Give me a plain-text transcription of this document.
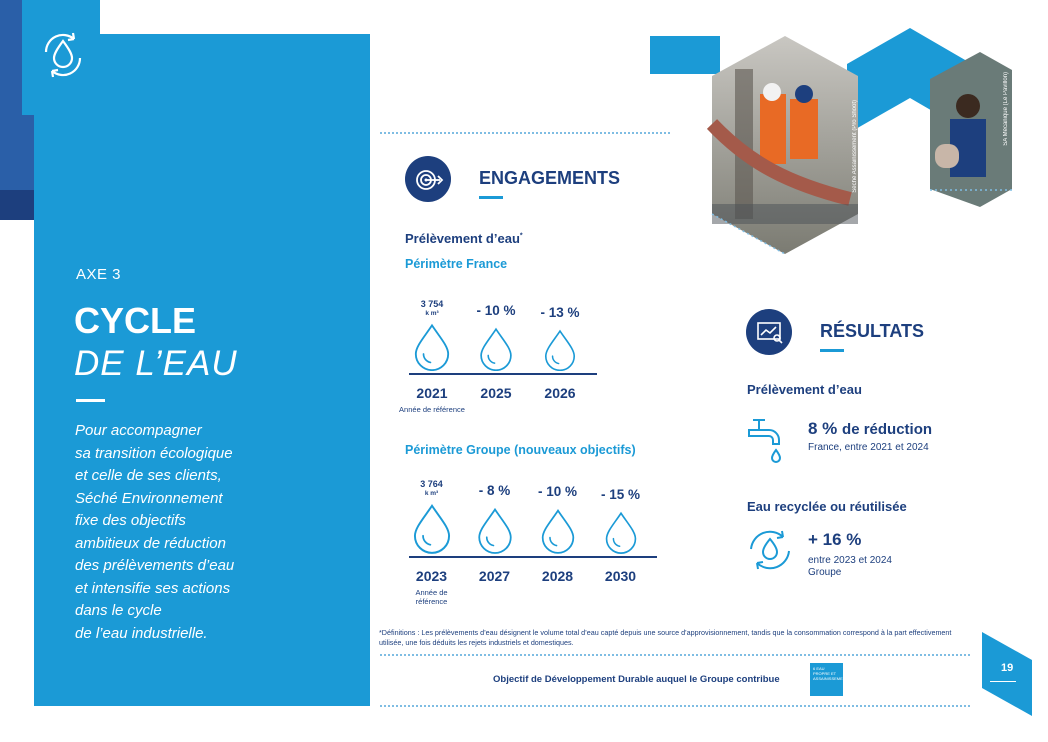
AXE 3
CYCLE
DE L’EAU
Pour accompagner
sa transition écologique
et celle de ses clients,
Séché Environnement
fixe des objectifs
ambitieux de réduction
des prélèvements d’eau
et intensifie ses actions
dans le cycle
de l’eau industrielle.
Séché Assainissement (Pro Shoot)	SA Mécanique (Le Pavillon)
ENGAGEMENTS
Prélèvement d’eau*
Périmètre France
3 754
k m³
2021
Année de référence
- 10 %
2025
- 13 %
2026
Périmètre Groupe (nouveaux objectifs)
3 764
k m³
2023
Année de référence
- 8 %
2027
- 10 %
2028
- 15 %
2030
RÉSULTATS
Prélèvement d’eau
8 % de réduction
France, entre 2021 et 2024
Eau recyclée ou réutilisée
+ 16 %
entre 2023 et 2024
Groupe
*Définitions : Les prélèvements d’eau désignent le volume total d’eau capté depuis une source d’approvisionnement, tandis que la consommation correspond à la part effectivement utilisée, une fois déduits les rejets industriels et domestiques.
Objectif de Développement Durable auquel le Groupe contribue
6 EAU PROPRE ET ASSAINISSEMENT
19
